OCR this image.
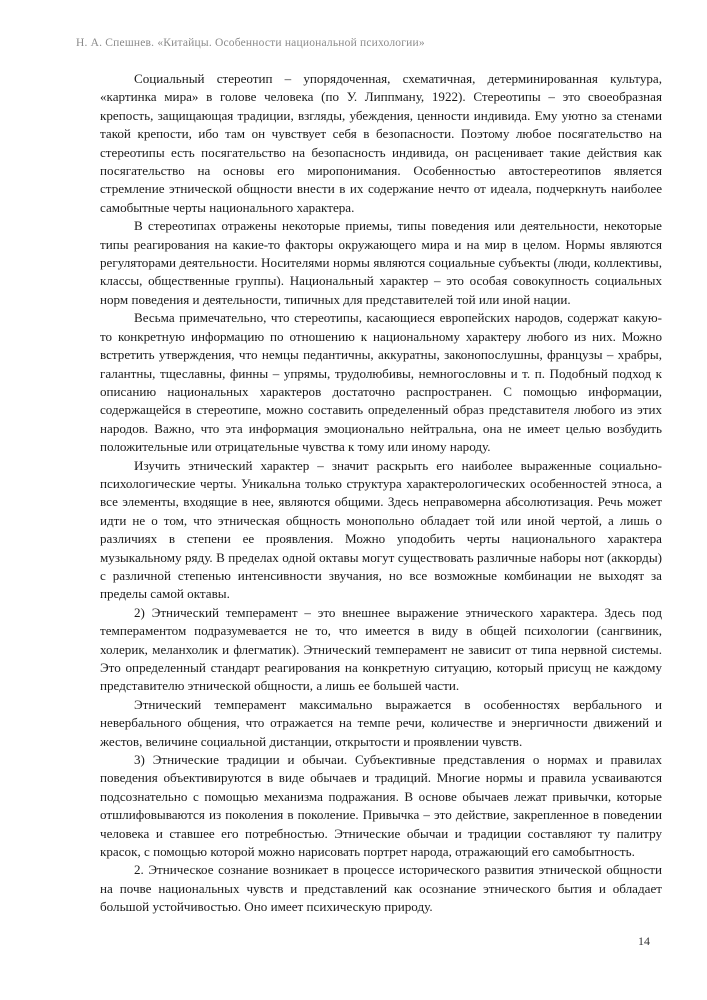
Н. А. Спешнев. «Китайцы. Особенности национальной психологии»

Социальный стереотип – упорядоченная, схематичная, детерминированная культура, «картинка мира» в голове человека (по У. Липпману, 1922). Стереотипы – это своеобразная крепость, защищающая традиции, взгляды, убеждения, ценности индивида. Ему уютно за стенами такой крепости, ибо там он чувствует себя в безопасности. Поэтому любое посягательство на стереотипы есть посягательство на безопасность индивида, он расценивает такие действия как посягательство на основы его миропонимания. Особенностью автостереотипов является стремление этнической общности внести в их содержание нечто от идеала, подчеркнуть наиболее самобытные черты национального характера.

В стереотипах отражены некоторые приемы, типы поведения или деятельности, некоторые типы реагирования на какие-то факторы окружающего мира и на мир в целом. Нормы являются регуляторами деятельности. Носителями нормы являются социальные субъекты (люди, коллективы, классы, общественные группы). Национальный характер – это особая совокупность социальных норм поведения и деятельности, типичных для представителей той или иной нации.

Весьма примечательно, что стереотипы, касающиеся европейских народов, содержат какую-то конкретную информацию по отношению к национальному характеру любого из них. Можно встретить утверждения, что немцы педантичны, аккуратны, законопослушны, французы – храбры, галантны, тщеславны, финны – упрямы, трудолюбивы, немногословны и т. п. Подобный подход к описанию национальных характеров достаточно распространен. С помощью информации, содержащейся в стереотипе, можно составить определенный образ представителя любого из этих народов. Важно, что эта информация эмоционально нейтральна, она не имеет целью возбудить положительные или отрицательные чувства к тому или иному народу.

Изучить этнический характер – значит раскрыть его наиболее выраженные социально-психологические черты. Уникальна только структура характерологических особенностей этноса, а все элементы, входящие в нее, являются общими. Здесь неправомерна абсолютизация. Речь может идти не о том, что этническая общность монопольно обладает той или иной чертой, а лишь о различиях в степени ее проявления. Можно уподобить черты национального характера музыкальному ряду. В пределах одной октавы могут существовать различные наборы нот (аккорды) с различной степенью интенсивности звучания, но все возможные комбинации не выходят за пределы самой октавы.

2) Этнический темперамент – это внешнее выражение этнического характера. Здесь под темпераментом подразумевается не то, что имеется в виду в общей психологии (сангвиник, холерик, меланхолик и флегматик). Этнический темперамент не зависит от типа нервной системы. Это определенный стандарт реагирования на конкретную ситуацию, который присущ не каждому представителю этнической общности, а лишь ее большей части.

Этнический темперамент максимально выражается в особенностях вербального и невербального общения, что отражается на темпе речи, количестве и энергичности движений и жестов, величине социальной дистанции, открытости и проявлении чувств.

3) Этнические традиции и обычаи. Субъективные представления о нормах и правилах поведения объективируются в виде обычаев и традиций. Многие нормы и правила усваиваются подсознательно с помощью механизма подражания. В основе обычаев лежат привычки, которые отшлифовываются из поколения в поколение. Привычка – это действие, закрепленное в поведении человека и ставшее его потребностью. Этнические обычаи и традиции составляют ту палитру красок, с помощью которой можно нарисовать портрет народа, отражающий его самобытность.

2. Этническое сознание возникает в процессе исторического развития этнической общности на почве национальных чувств и представлений как осознание этнического бытия и обладает большой устойчивостью. Оно имеет психическую природу.

14
